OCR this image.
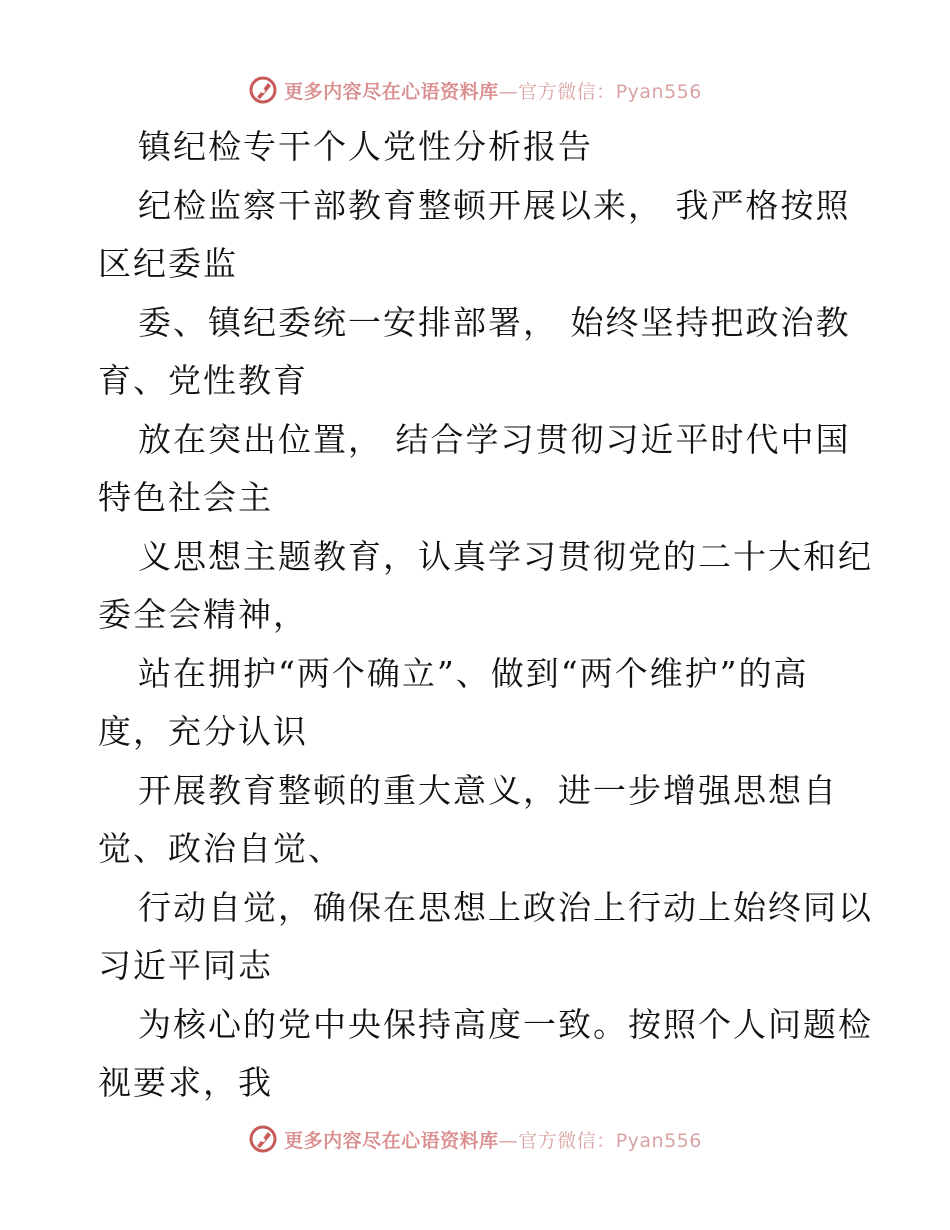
更多内容尽在心语资料库—官方微信：Pyan556
镇纪检专干个人党性分析报告
纪检监察干部教育整顿开展以来， 我严格按照
区纪委监
委、镇纪委统一安排部署， 始终坚持把政治教
育、党性教育
放在突出位置， 结合学习贯彻习近平时代中国
特色社会主
义思想主题教育，认真学习贯彻党的二十大和纪
委全会精神，
站在拥护“两个确立”、做到“两个维护”的高
度，充分认识
开展教育整顿的重大意义，进一步增强思想自
觉、政治自觉、
行动自觉，确保在思想上政治上行动上始终同以
习近平同志
为核心的党中央保持高度一致。按照个人问题检
视要求，我
更多内容尽在心语资料库—官方微信：Pyan556
